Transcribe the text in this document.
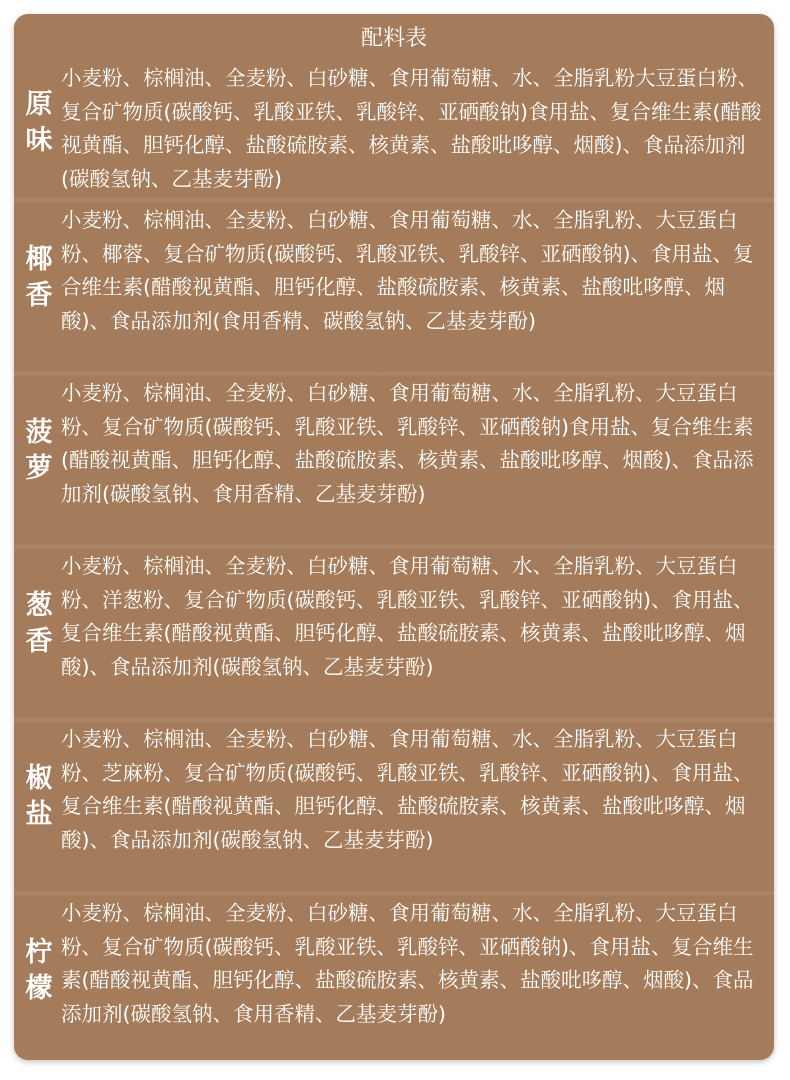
配料表
原味
小麦粉、棕榈油、全麦粉、白砂糖、食用葡萄糖、水、全脂乳粉大豆蛋白粉、复合矿物质(碳酸钙、乳酸亚铁、乳酸锌、亚硒酸钠)食用盐、复合维生素(醋酸视黄酯、胆钙化醇、盐酸硫胺素、核黄素、盐酸吡哆醇、烟酸)、食品添加剂(碳酸氢钠、乙基麦芽酚)
椰香
小麦粉、棕榈油、全麦粉、白砂糖、食用葡萄糖、水、全脂乳粉、大豆蛋白粉、椰蓉、复合矿物质(碳酸钙、乳酸亚铁、乳酸锌、亚硒酸钠)、食用盐、复合维生素(醋酸视黄酯、胆钙化醇、盐酸硫胺素、核黄素、盐酸吡哆醇、烟酸)、食品添加剂(食用香精、碳酸氢钠、乙基麦芽酚)
菠萝
小麦粉、棕榈油、全麦粉、白砂糖、食用葡萄糖、水、全脂乳粉、大豆蛋白粉、复合矿物质(碳酸钙、乳酸亚铁、乳酸锌、亚硒酸钠)食用盐、复合维生素(醋酸视黄酯、胆钙化醇、盐酸硫胺素、核黄素、盐酸吡哆醇、烟酸)、食品添加剂(碳酸氢钠、食用香精、乙基麦芽酚)
葱香
小麦粉、棕榈油、全麦粉、白砂糖、食用葡萄糖、水、全脂乳粉、大豆蛋白粉、洋葱粉、复合矿物质(碳酸钙、乳酸亚铁、乳酸锌、亚硒酸钠)、食用盐、复合维生素(醋酸视黄酯、胆钙化醇、盐酸硫胺素、核黄素、盐酸吡哆醇、烟酸)、食品添加剂(碳酸氢钠、乙基麦芽酚)
椒盐
小麦粉、棕榈油、全麦粉、白砂糖、食用葡萄糖、水、全脂乳粉、大豆蛋白粉、芝麻粉、复合矿物质(碳酸钙、乳酸亚铁、乳酸锌、亚硒酸钠)、食用盐、复合维生素(醋酸视黄酯、胆钙化醇、盐酸硫胺素、核黄素、盐酸吡哆醇、烟酸)、食品添加剂(碳酸氢钠、乙基麦芽酚)
柠檬
小麦粉、棕榈油、全麦粉、白砂糖、食用葡萄糖、水、全脂乳粉、大豆蛋白粉、复合矿物质(碳酸钙、乳酸亚铁、乳酸锌、亚硒酸钠)、食用盐、复合维生素(醋酸视黄酯、胆钙化醇、盐酸硫胺素、核黄素、盐酸吡哆醇、烟酸)、食品添加剂(碳酸氢钠、食用香精、乙基麦芽酚)
